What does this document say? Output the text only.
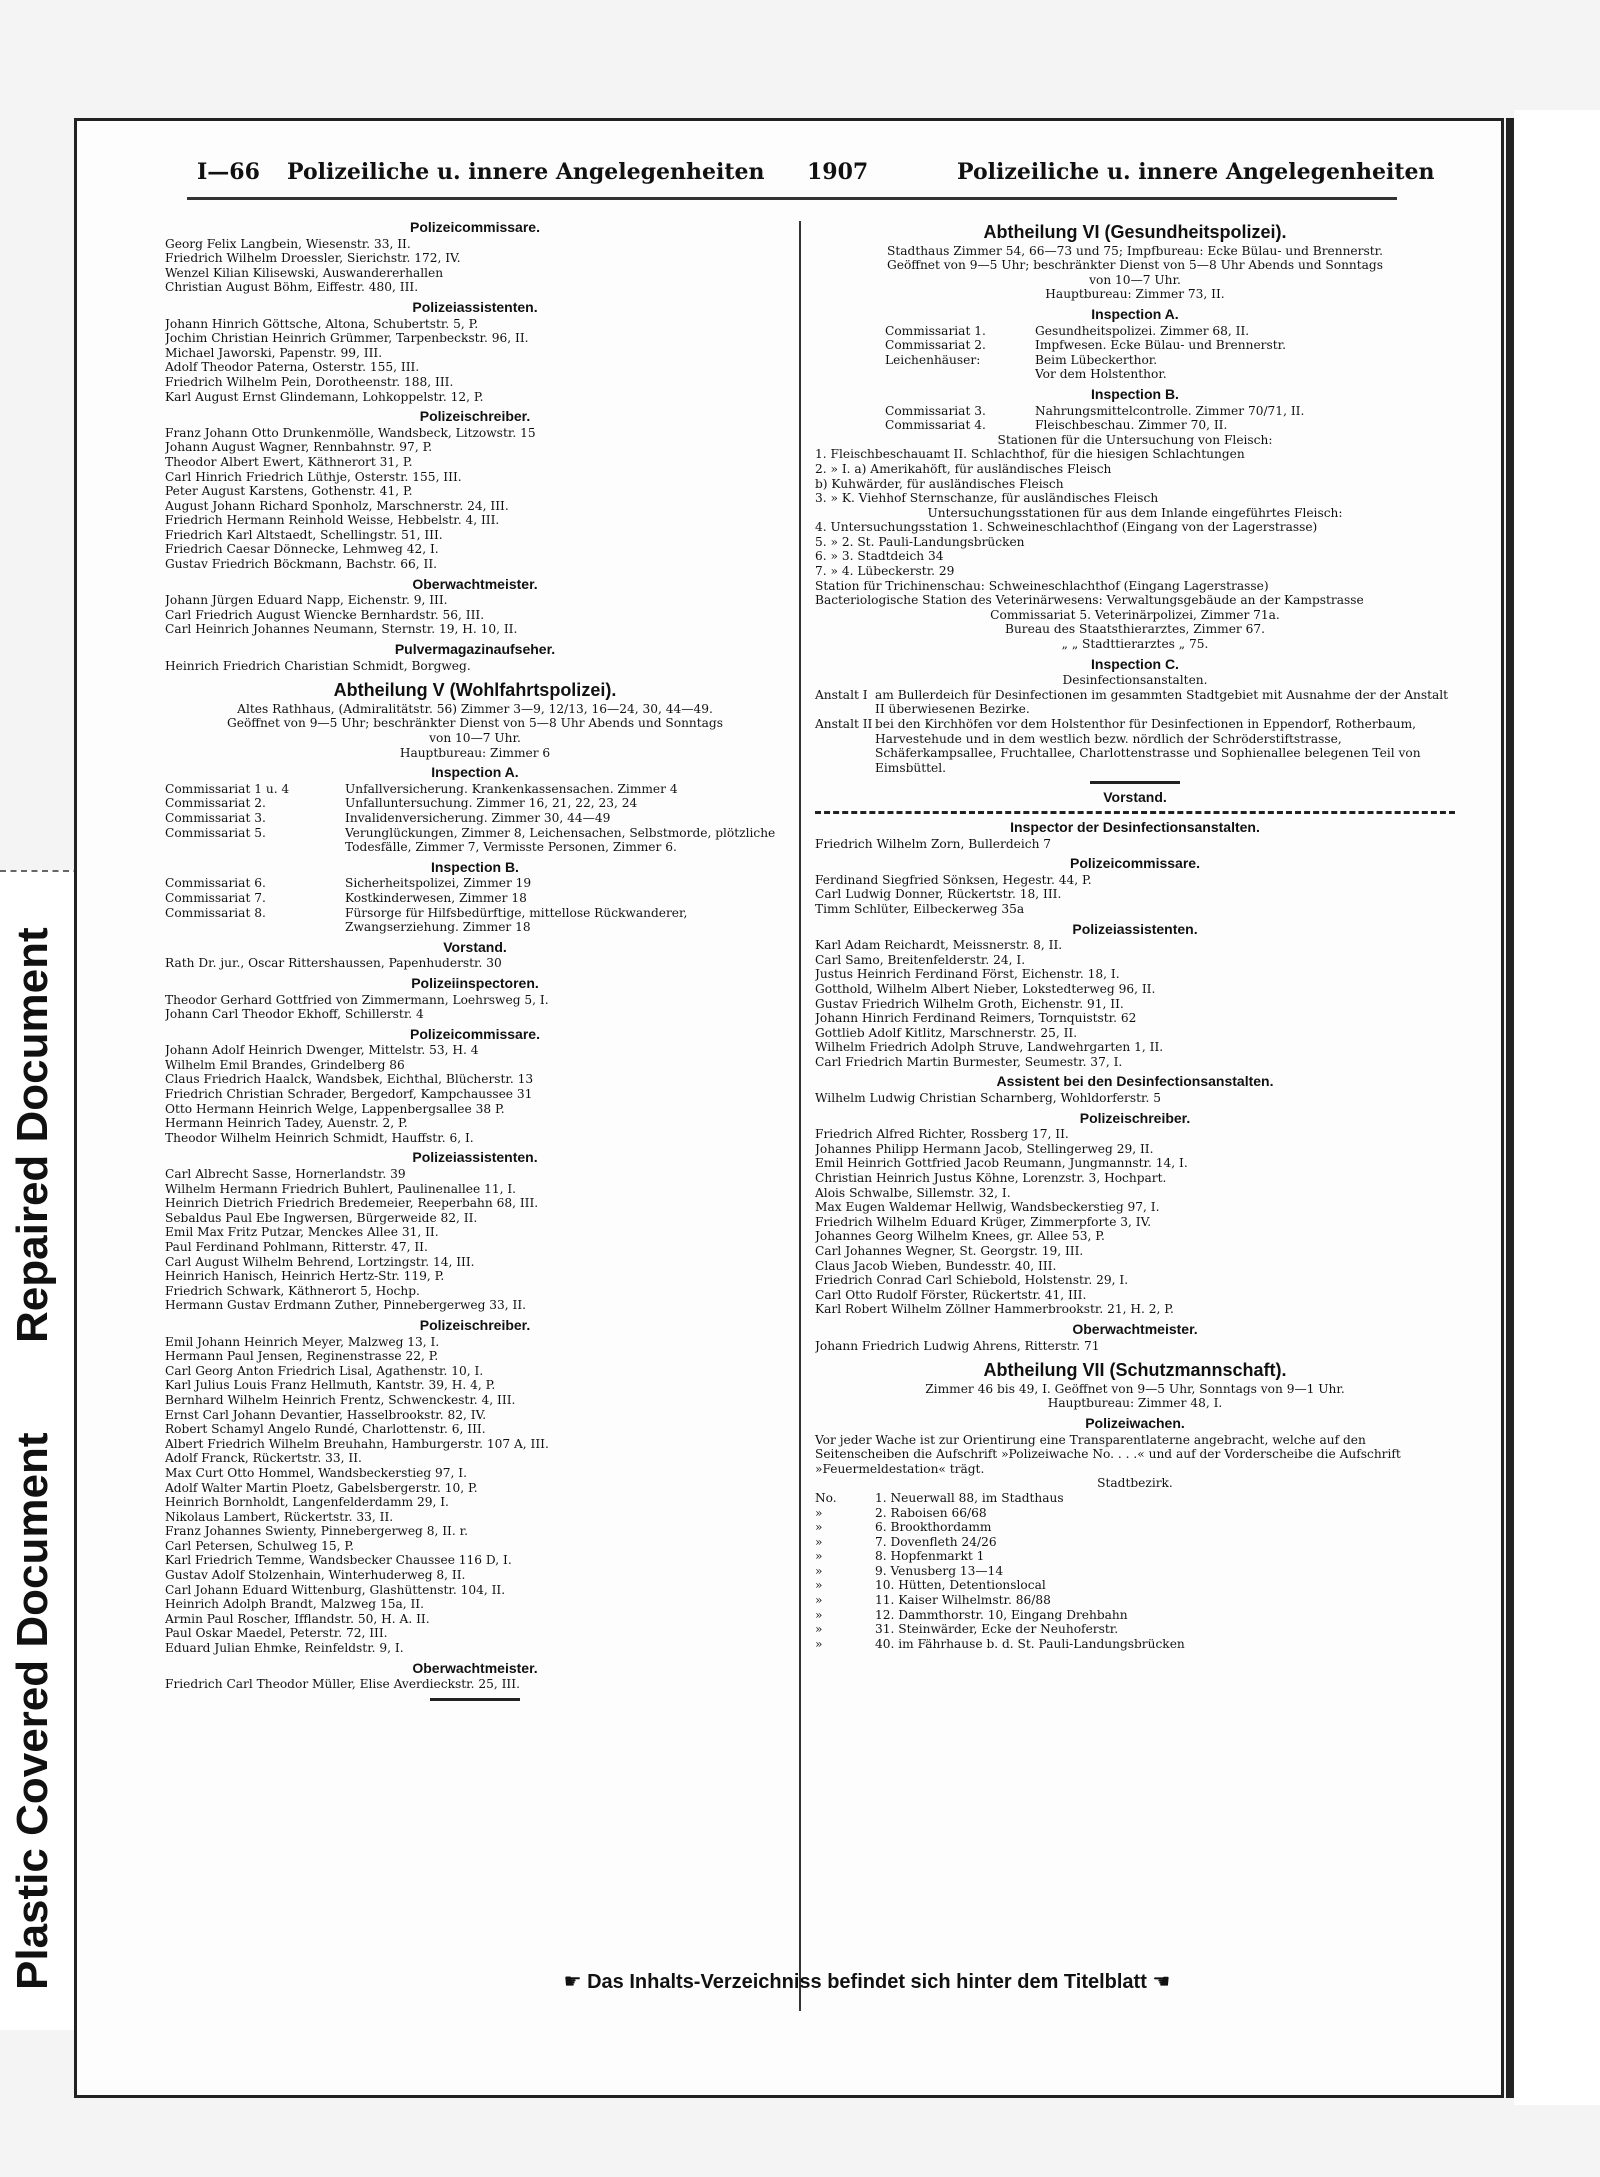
Repaired Document
Plastic Covered Document
I—66 Polizeiliche u. innere Angelegenheiten 1907	Polizeiliche u. innere Angelegenheiten
Polizeicommissare.
Georg Felix Langbein, Wiesenstr. 33, II.
Friedrich Wilhelm Droessler, Sierichstr. 172, IV.
Wenzel Kilian Kilisewski, Auswandererhallen
Christian August Böhm, Eiffestr. 480, III.
Polizeiassistenten.
Johann Hinrich Göttsche, Altona, Schubertstr. 5, P.
Jochim Christian Heinrich Grümmer, Tarpenbeckstr. 96, II.
Michael Jaworski, Papenstr. 99, III.
Adolf Theodor Paterna, Osterstr. 155, III.
Friedrich Wilhelm Pein, Dorotheenstr. 188, III.
Karl August Ernst Glindemann, Lohkoppelstr. 12, P.
Polizeischreiber.
Franz Johann Otto Drunkenmölle, Wandsbeck, Litzowstr. 15
Johann August Wagner, Rennbahnstr. 97, P.
Theodor Albert Ewert, Käthnerort 31, P.
Carl Hinrich Friedrich Lüthje, Osterstr. 155, III.
Peter August Karstens, Gothenstr. 41, P.
August Johann Richard Sponholz, Marschnerstr. 24, III.
Friedrich Hermann Reinhold Weisse, Hebbelstr. 4, III.
Friedrich Karl Altstaedt, Schellingstr. 51, III.
Friedrich Caesar Dönnecke, Lehmweg 42, I.
Gustav Friedrich Böckmann, Bachstr. 66, II.
Oberwachtmeister.
Johann Jürgen Eduard Napp, Eichenstr. 9, III.
Carl Friedrich August Wiencke Bernhardstr. 56, III.
Carl Heinrich Johannes Neumann, Sternstr. 19, H. 10, II.
Pulvermagazinaufseher.
Heinrich Friedrich Charistian Schmidt, Borgweg.
Abtheilung V (Wohlfahrtspolizei).
Altes Rathhaus, (Admiralitätstr. 56) Zimmer 3—9, 12/13, 16—24, 30, 44—49.
Geöffnet von 9—5 Uhr; beschränkter Dienst von 5—8 Uhr Abends und Sonntags
von 10—7 Uhr.
Hauptbureau: Zimmer 6
Inspection A.
Commissariat 1 u. 4	Unfallversicherung. Krankenkassensachen. Zimmer 4
Commissariat 2.	Unfalluntersuchung. Zimmer 16, 21, 22, 23, 24
Commissariat 3.	Invalidenversicherung. Zimmer 30, 44—49
Commissariat 5.	Verunglückungen, Zimmer 8, Leichensachen, Selbstmorde, plötzliche Todesfälle, Zimmer 7, Vermisste Personen, Zimmer 6.
Inspection B.
Commissariat 6.	Sicherheitspolizei, Zimmer 19
Commissariat 7.	Kostkinderwesen, Zimmer 18
Commissariat 8.	Fürsorge für Hilfsbedürftige, mittellose Rückwanderer, Zwangserziehung. Zimmer 18
Vorstand.
Rath Dr. jur., Oscar Rittershaussen, Papenhuderstr. 30
Polizeiinspectoren.
Theodor Gerhard Gottfried von Zimmermann, Loehrsweg 5, I.
Johann Carl Theodor Ekhoff, Schillerstr. 4
Polizeicommissare.
Johann Adolf Heinrich Dwenger, Mittelstr. 53, H. 4
Wilhelm Emil Brandes, Grindelberg 86
Claus Friedrich Haalck, Wandsbek, Eichthal, Blücherstr. 13
Friedrich Christian Schrader, Bergedorf, Kampchaussee 31
Otto Hermann Heinrich Welge, Lappenbergsallee 38 P.
Hermann Heinrich Tadey, Auenstr. 2, P.
Theodor Wilhelm Heinrich Schmidt, Hauffstr. 6, I.
Polizeiassistenten.
Carl Albrecht Sasse, Hornerlandstr. 39
Wilhelm Hermann Friedrich Buhlert, Paulinenallee 11, I.
Heinrich Dietrich Friedrich Bredemeier, Reeperbahn 68, III.
Sebaldus Paul Ebe Ingwersen, Bürgerweide 82, II.
Emil Max Fritz Putzar, Menckes Allee 31, II.
Paul Ferdinand Pohlmann, Ritterstr. 47, II.
Carl August Wilhelm Behrend, Lortzingstr. 14, III.
Heinrich Hanisch, Heinrich Hertz-Str. 119, P.
Friedrich Schwark, Käthnerort 5, Hochp.
Hermann Gustav Erdmann Zuther, Pinnebergerweg 33, II.
Polizeischreiber.
Emil Johann Heinrich Meyer, Malzweg 13, I.
Hermann Paul Jensen, Reginenstrasse 22, P.
Carl Georg Anton Friedrich Lisal, Agathenstr. 10, I.
Karl Julius Louis Franz Hellmuth, Kantstr. 39, H. 4, P.
Bernhard Wilhelm Heinrich Frentz, Schwenckestr. 4, III.
Ernst Carl Johann Devantier, Hasselbrookstr. 82, IV.
Robert Schamyl Angelo Rundé, Charlottenstr. 6, III.
Albert Friedrich Wilhelm Breuhahn, Hamburgerstr. 107 A, III.
Adolf Franck, Rückertstr. 33, II.
Max Curt Otto Hommel, Wandsbeckerstieg 97, I.
Adolf Walter Martin Ploetz, Gabelsbergerstr. 10, P.
Heinrich Bornholdt, Langenfelderdamm 29, I.
Nikolaus Lambert, Rückertstr. 33, II.
Franz Johannes Swienty, Pinnebergerweg 8, II. r.
Carl Petersen, Schulweg 15, P.
Karl Friedrich Temme, Wandsbecker Chaussee 116 D, I.
Gustav Adolf Stolzenhain, Winterhuderweg 8, II.
Carl Johann Eduard Wittenburg, Glashüttenstr. 104, II.
Heinrich Adolph Brandt, Malzweg 15a, II.
Armin Paul Roscher, Ifflandstr. 50, H. A. II.
Paul Oskar Maedel, Peterstr. 72, III.
Eduard Julian Ehmke, Reinfeldstr. 9, I.
Oberwachtmeister.
Friedrich Carl Theodor Müller, Elise Averdieckstr. 25, III.
Abtheilung VI (Gesundheitspolizei).
Stadthaus Zimmer 54, 66—73 und 75; Impfbureau: Ecke Bülau- und Brennerstr.
Geöffnet von 9—5 Uhr; beschränkter Dienst von 5—8 Uhr Abends und Sonntags
von 10—7 Uhr.
Hauptbureau: Zimmer 73, II.
Inspection A.
Commissariat 1.	Gesundheitspolizei. Zimmer 68, II.
Commissariat 2.	Impfwesen. Ecke Bülau- und Brennerstr.
Leichenhäuser:	Beim Lübeckerthor.
Vor dem Holstenthor.
Inspection B.
Commissariat 3.	Nahrungsmittelcontrolle. Zimmer 70/71, II.
Commissariat 4.	Fleischbeschau. Zimmer 70, II.
Stationen für die Untersuchung von Fleisch:
1. Fleischbeschauamt II. Schlachthof, für die hiesigen Schlachtungen
2. » I. a) Amerikahöft, für ausländisches Fleisch
b) Kuhwärder, für ausländisches Fleisch
3. » K. Viehhof Sternschanze, für ausländisches Fleisch
Untersuchungsstationen für aus dem Inlande eingeführtes Fleisch:
4. Untersuchungsstation 1. Schweineschlachthof (Eingang von der Lagerstrasse)
5. » 2. St. Pauli-Landungsbrücken
6. » 3. Stadtdeich 34
7. » 4. Lübeckerstr. 29
Station für Trichinenschau: Schweineschlachthof (Eingang Lagerstrasse)
Bacteriologische Station des Veterinärwesens: Verwaltungsgebäude an der Kampstrasse
Commissariat 5. Veterinärpolizei, Zimmer 71a.
Bureau des Staatsthierarztes, Zimmer 67.
„ „ Stadttierarztes „ 75.
Inspection C.
Desinfectionsanstalten.
Anstalt I am Bullerdeich für Desinfectionen im gesammten Stadtgebiet mit Ausnahme der der Anstalt II überwiesenen Bezirke.
Anstalt II bei den Kirchhöfen vor dem Holstenthor für Desinfectionen in Eppendorf, Rotherbaum, Harvestehude und in dem westlich bezw. nördlich der Schröderstiftstrasse, Schäferkampsallee, Fruchtallee, Charlottenstrasse und Sophienallee belegenen Teil von Eimsbüttel.
Vorstand.
Inspector der Desinfectionsanstalten.
Friedrich Wilhelm Zorn, Bullerdeich 7
Polizeicommissare.
Ferdinand Siegfried Sönksen, Hegestr. 44, P.
Carl Ludwig Donner, Rückertstr. 18, III.
Timm Schlüter, Eilbeckerweg 35a
Polizeiassistenten.
Karl Adam Reichardt, Meissnerstr. 8, II.
Carl Samo, Breitenfelderstr. 24, I.
Justus Heinrich Ferdinand Först, Eichenstr. 18, I.
Gotthold, Wilhelm Albert Nieber, Lokstedterweg 96, II.
Gustav Friedrich Wilhelm Groth, Eichenstr. 91, II.
Johann Hinrich Ferdinand Reimers, Tornquiststr. 62
Gottlieb Adolf Kitlitz, Marschnerstr. 25, II.
Wilhelm Friedrich Adolph Struve, Landwehrgarten 1, II.
Carl Friedrich Martin Burmester, Seumestr. 37, I.
Assistent bei den Desinfectionsanstalten.
Wilhelm Ludwig Christian Scharnberg, Wohldorferstr. 5
Polizeischreiber.
Friedrich Alfred Richter, Rossberg 17, II.
Johannes Philipp Hermann Jacob, Stellingerweg 29, II.
Emil Heinrich Gottfried Jacob Reumann, Jungmannstr. 14, I.
Christian Heinrich Justus Köhne, Lorenzstr. 3, Hochpart.
Alois Schwalbe, Sillemstr. 32, I.
Max Eugen Waldemar Hellwig, Wandsbeckerstieg 97, I.
Friedrich Wilhelm Eduard Krüger, Zimmerpforte 3, IV.
Johannes Georg Wilhelm Knees, gr. Allee 53, P.
Carl Johannes Wegner, St. Georgstr. 19, III.
Claus Jacob Wieben, Bundesstr. 40, III.
Friedrich Conrad Carl Schiebold, Holstenstr. 29, I.
Carl Otto Rudolf Förster, Rückertstr. 41, III.
Karl Robert Wilhelm Zöllner Hammerbrookstr. 21, H. 2, P.
Oberwachtmeister.
Johann Friedrich Ludwig Ahrens, Ritterstr. 71
Abtheilung VII (Schutzmannschaft).
Zimmer 46 bis 49, I. Geöffnet von 9—5 Uhr, Sonntags von 9—1 Uhr.
Hauptbureau: Zimmer 48, I.
Polizeiwachen.
Vor jeder Wache ist zur Orientirung eine Transparentlaterne angebracht, welche auf den Seitenscheiben die Aufschrift »Polizeiwache No. . . .« und auf der Vorderscheibe die Aufschrift »Feuermeldestation« trägt.
Stadtbezirk.
No.	1. Neuerwall 88, im Stadthaus
»	2. Raboisen 66/68
»	6. Brookthordamm
»	7. Dovenfleth 24/26
»	8. Hopfenmarkt 1
»	9. Venusberg 13—14
»	10. Hütten, Detentionslocal
»	11. Kaiser Wilhelmstr. 86/88
»	12. Dammthorstr. 10, Eingang Drehbahn
»	31. Steinwärder, Ecke der Neuhoferstr.
»	40. im Fährhause b. d. St. Pauli-Landungsbrücken
☛ Das Inhalts-Verzeichniss befindet sich hinter dem Titelblatt ☚
